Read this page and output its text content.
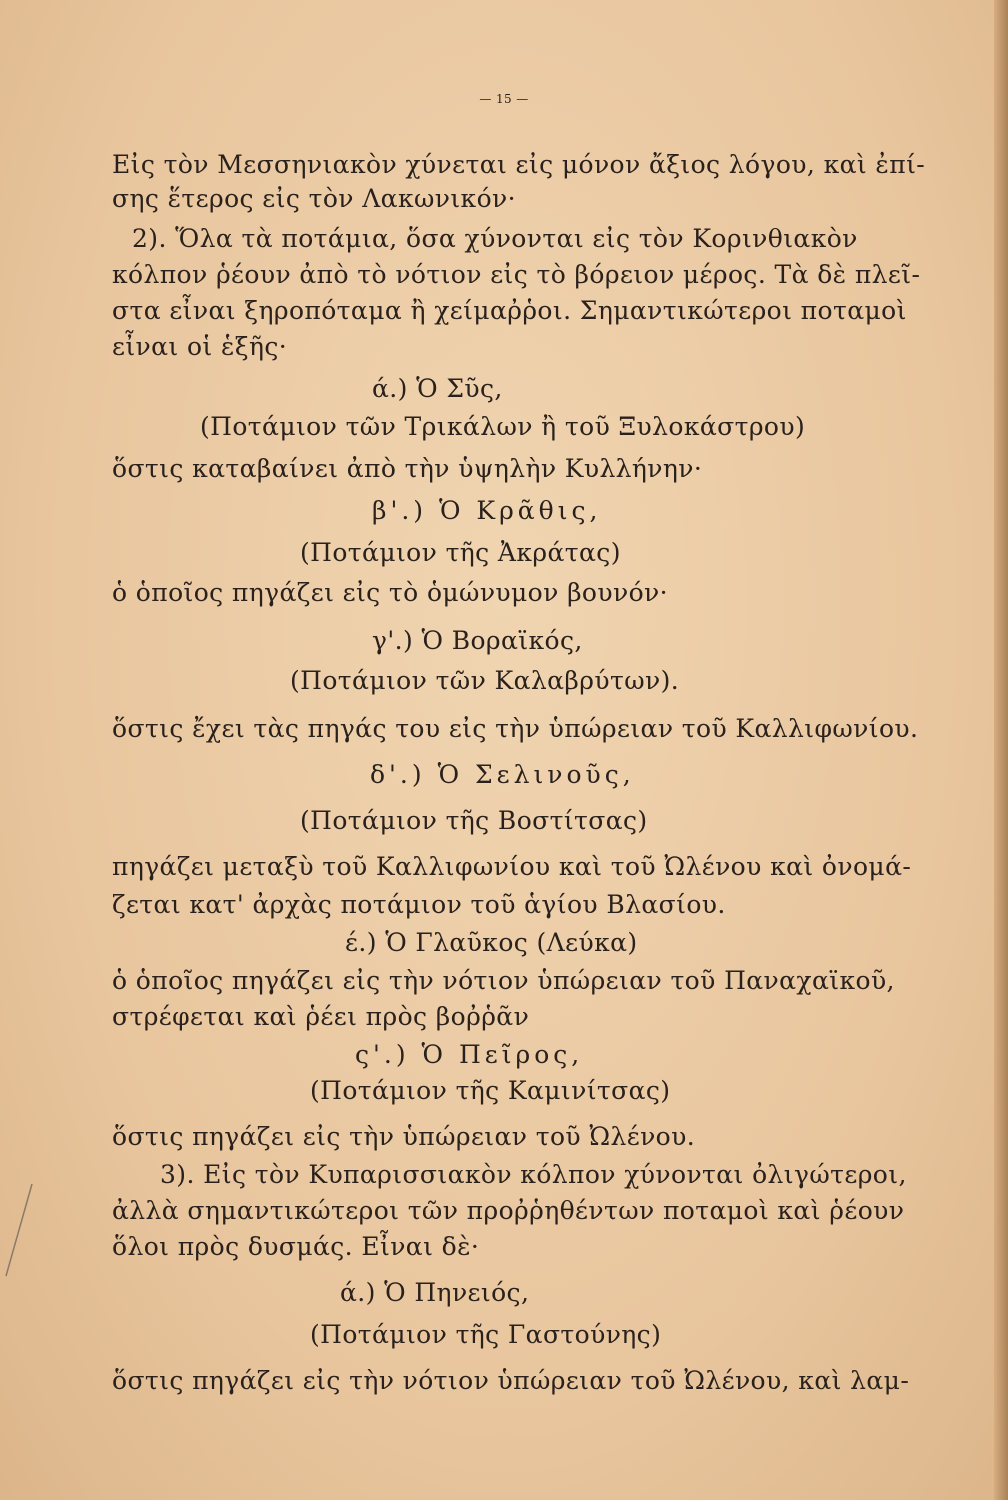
— 15 —
Εἰς τὸν Μεσσηνιακὸν χύνεται εἰς μόνον ἄξιος λόγου, καὶ ἐπί-
σης ἕτερος εἰς τὸν Λακωνικόν·
2). Ὅλα τὰ ποτάμια, ὅσα χύνονται εἰς τὸν Κορινθιακὸν
κόλπον ῥέουν ἀπὸ τὸ νότιον εἰς τὸ βόρειον μέρος. Τὰ δὲ πλεῖ-
στα εἶναι ξηροπόταμα ἢ χείμαῤῥοι. Σημαντικώτεροι ποταμοὶ
εἶναι οἱ ἑξῆς·
ά.) Ὁ Σῦς,
(Ποτάμιον τῶν Τρικάλων ἢ τοῦ Ξυλοκάστρου)
ὅστις καταβαίνει ἀπὸ τὴν ὑψηλὴν Κυλλήνην·
β'.) Ὁ Κρᾶθις,
(Ποτάμιον τῆς Ἀκράτας)
ὁ ὁποῖος πηγάζει εἰς τὸ ὁμώνυμον βουνόν·
γ'.) Ὁ Βοραϊκός,
(Ποτάμιον τῶν Καλαβρύτων).
ὅστις ἔχει τὰς πηγάς του εἰς τὴν ὑπώρειαν τοῦ Καλλιφωνίου.
δ'.) Ὁ Σελινοῦς,
(Ποτάμιον τῆς Βοστίτσας)
πηγάζει μεταξὺ τοῦ Καλλιφωνίου καὶ τοῦ Ὠλένου καὶ ὀνομά-
ζεται κατ' ἀρχὰς ποτάμιον τοῦ ἁγίου Βλασίου.
έ.) Ὁ Γλαῦκος (Λεύκα)
ὁ ὁποῖος πηγάζει εἰς τὴν νότιον ὑπώρειαν τοῦ Παναχαϊκοῦ,
στρέφεται καὶ ῥέει πρὸς βοῤῥᾶν
ς'.) Ὁ Πεῖρος,
(Ποτάμιον τῆς Καμινίτσας)
ὅστις πηγάζει εἰς τὴν ὑπώρειαν τοῦ Ὠλένου.
3). Εἰς τὸν Κυπαρισσιακὸν κόλπον χύνονται ὀλιγώτεροι,
ἀλλὰ σημαντικώτεροι τῶν προῤῥηθέντων ποταμοὶ καὶ ῥέουν
ὅλοι πρὸς δυσμάς. Εἶναι δὲ·
ά.) Ὁ Πηνειός,
(Ποτάμιον τῆς Γαστούνης)
ὅστις πηγάζει εἰς τὴν νότιον ὑπώρειαν τοῦ Ὠλένου, καὶ λαμ-
